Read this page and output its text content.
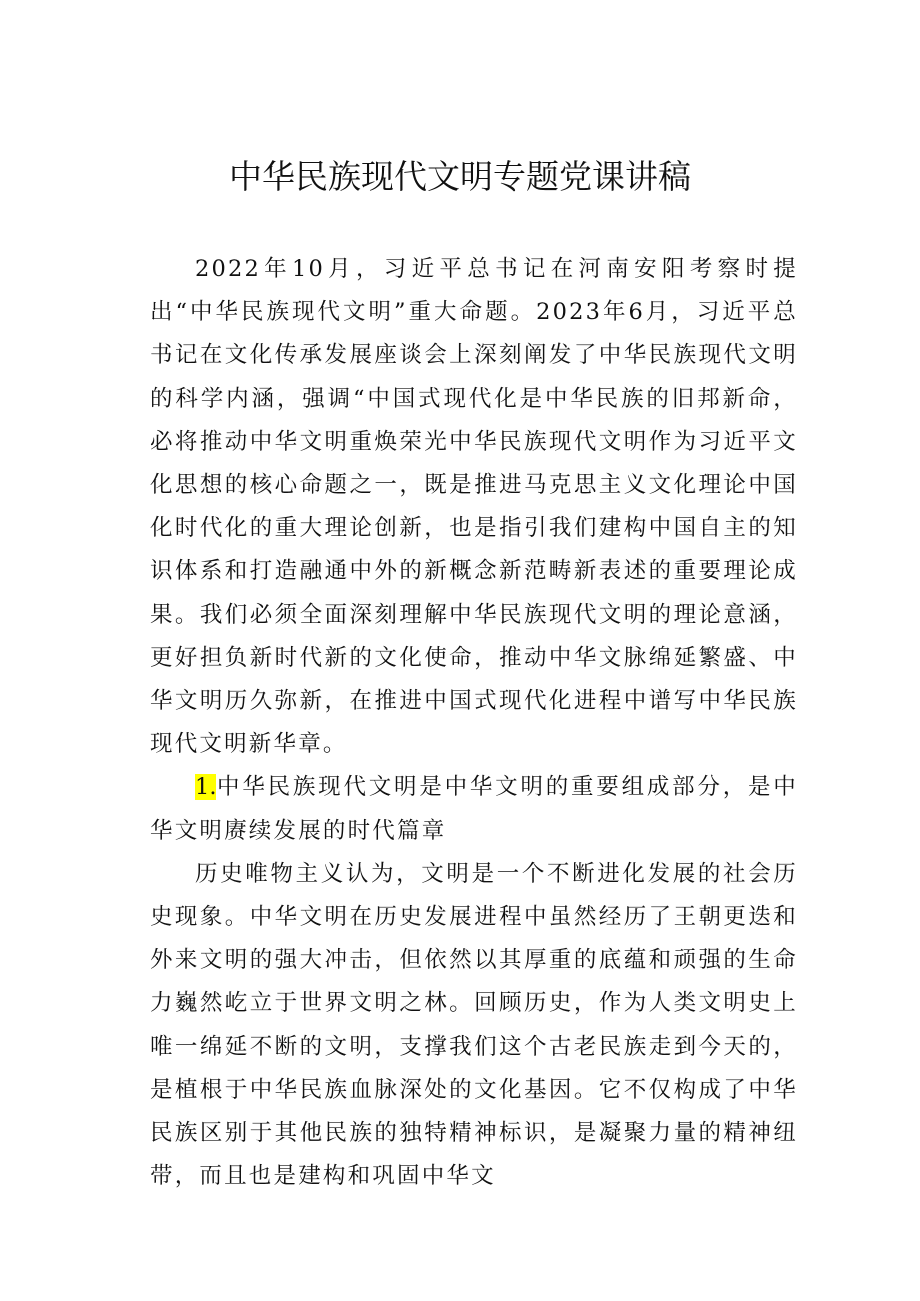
中华民族现代文明专题党课讲稿

2022年10月，习近平总书记在河南安阳考察时提出“中华民族现代文明”重大命题。2023年6月，习近平总书记在文化传承发展座谈会上深刻阐发了中华民族现代文明的科学内涵，强调“中国式现代化是中华民族的旧邦新命，必将推动中华文明重焕荣光中华民族现代文明作为习近平文化思想的核心命题之一，既是推进马克思主义文化理论中国化时代化的重大理论创新，也是指引我们建构中国自主的知识体系和打造融通中外的新概念新范畴新表述的重要理论成果。我们必须全面深刻理解中华民族现代文明的理论意涵，更好担负新时代新的文化使命，推动中华文脉绵延繁盛、中华文明历久弥新，在推进中国式现代化进程中谱写中华民族现代文明新华章。

1.中华民族现代文明是中华文明的重要组成部分，是中华文明赓续发展的时代篇章

历史唯物主义认为，文明是一个不断进化发展的社会历史现象。中华文明在历史发展进程中虽然经历了王朝更迭和外来文明的强大冲击，但依然以其厚重的底蕴和顽强的生命力巍然屹立于世界文明之林。回顾历史，作为人类文明史上唯一绵延不断的文明，支撑我们这个古老民族走到今天的，是植根于中华民族血脉深处的文化基因。它不仅构成了中华民族区别于其他民族的独特精神标识，是凝聚力量的精神纽带，而且也是建构和巩固中华文
